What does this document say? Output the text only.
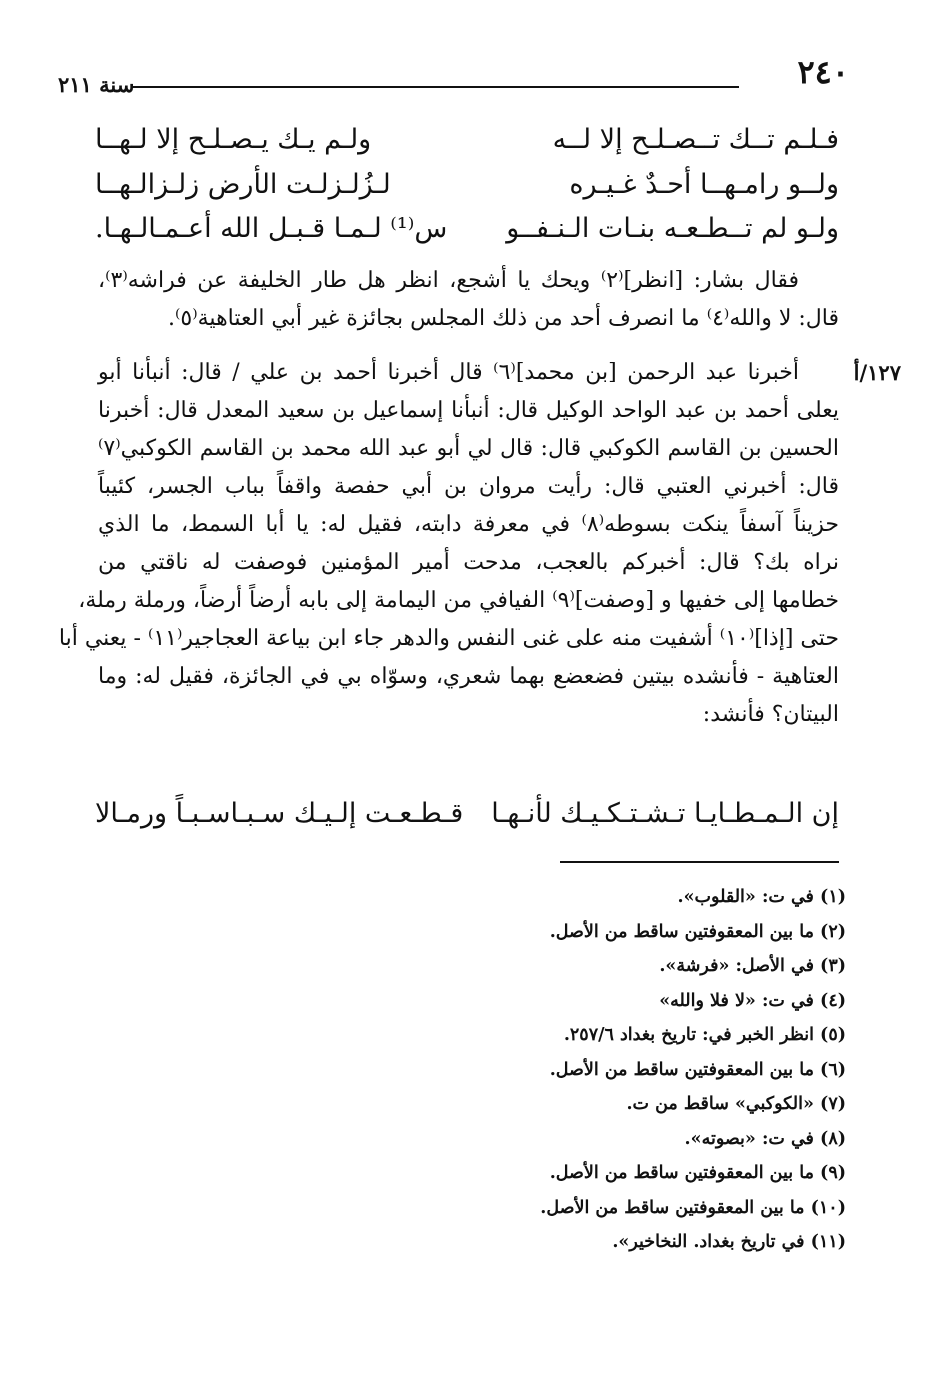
٢٤٠
سنة ٢١١
فـلـم تــك تــصـلـح إلا لــه
ولـم يـك يـصـلـح إلا لـهــا
ولــو رامـهــا أحـدٌ غـيـره
لـزُلـزلـت الأرض زلـزالـهــا
ولـو لم تــطـعـه بنـات الـنـفــو
س⁽¹⁾ لـمـا قـبـل الله أعـمـالـهـا.
فقال بشار: [انظر]⁽٢⁾ ويحك يا أشجع، انظر هل طار الخليفة عن فراشه⁽٣⁾،
قال: لا والله⁽٤⁾ ما انصرف أحد من ذلك المجلس بجائزة غير أبي العتاهية⁽٥⁾.
١٢٧/أ
أخبرنا عبد الرحمن [بن محمد]⁽٦⁾ قال أخبرنا أحمد بن علي / قال: أنبأنا أبو
يعلى أحمد بن عبد الواحد الوكيل قال: أنبأنا إسماعيل بن سعيد المعدل قال: أخبرنا
الحسين بن القاسم الكوكبي قال: قال لي أبو عبد الله محمد بن القاسم الكوكبي⁽٧⁾
قال: أخبرني العتبي قال: رأيت مروان بن أبي حفصة واقفاً بباب الجسر، كئيباً
حزيناً آسفاً ينكت بسوطه⁽٨⁾ في معرفة دابته، فقيل له: يا أبا السمط، ما الذي
نراه بك؟ قال: أخبركم بالعجب، مدحت أمير المؤمنين فوصفت له ناقتي من
خطامها إلى خفيها و [وصفت]⁽٩⁾ الفيافي من اليمامة إلى بابه أرضاً أرضاً، ورملة رملة،
حتى [إذا]⁽١٠⁾ أشفيت منه على غنى النفس والدهر جاء ابن بياعة العجاجير⁽١١⁾ - يعني أبا
العتاهية - فأنشده بيتين فضعضع بهما شعري، وسوّاه بي في الجائزة، فقيل له: وما
البيتان؟ فأنشد:
إن الـمـطـايـا تـشـتـكـيـك لأنـهـا
قـطـعـت إلـيـك سـبـاسـبـاً ورمـالا
(١) في ت: «القلوب».
(٢) ما بين المعقوفتين ساقط من الأصل.
(٣) في الأصل: «فرشة».
(٤) في ت: «لا فلا والله»
(٥) انظر الخبر في: تاريخ بغداد ٢٥٧/٦.
(٦) ما بين المعقوفتين ساقط من الأصل.
(٧) «الكوكبي» ساقط من ت.
(٨) في ت: «بصوته».
(٩) ما بين المعقوفتين ساقط من الأصل.
(١٠) ما بين المعقوفتين ساقط من الأصل.
(١١) في تاريخ بغداد. النخاخير».
